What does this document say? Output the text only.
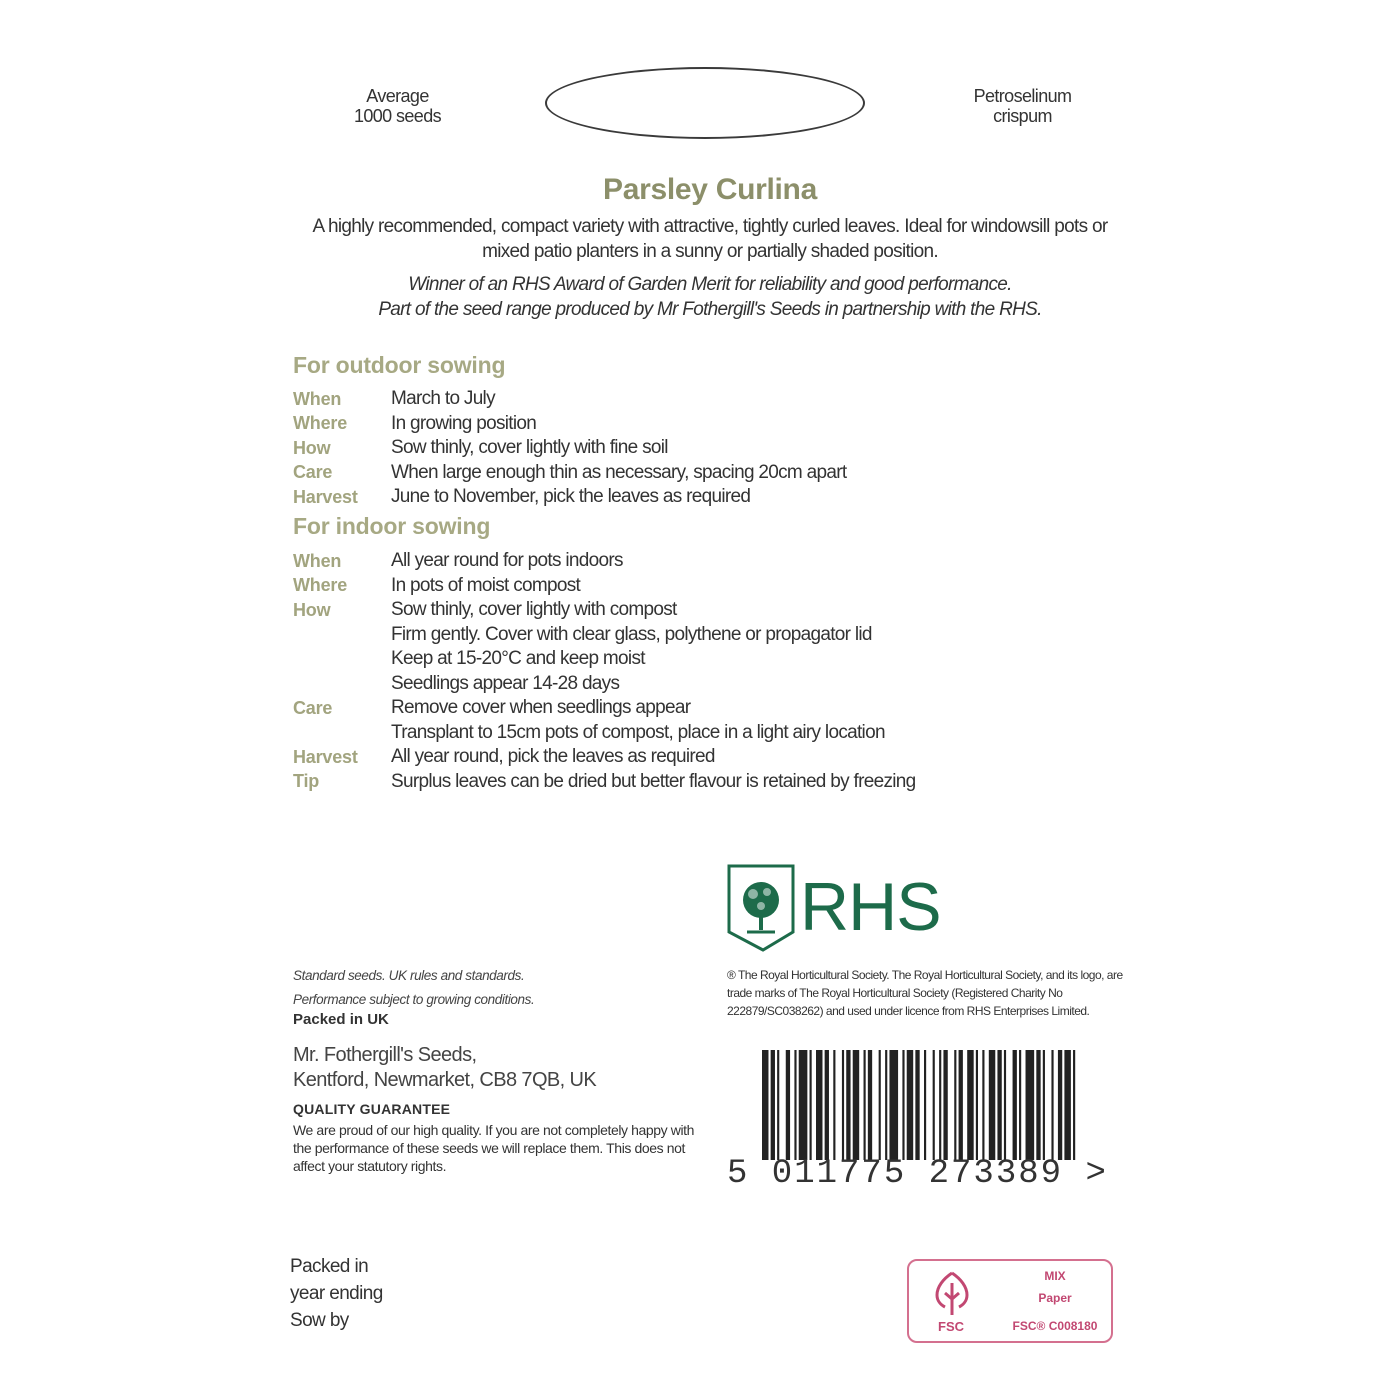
Average
1000 seeds
Petroselinum
crispum
Parsley Curlina
A highly recommended, compact variety with attractive, tightly curled leaves. Ideal for windowsill pots or mixed patio planters in a sunny or partially shaded position.
Winner of an RHS Award of Garden Merit for reliability and good performance.
Part of the seed range produced by Mr Fothergill's Seeds in partnership with the RHS.
For outdoor sowing
When	March to July
Where	In growing position
How	Sow thinly, cover lightly with fine soil
Care	When large enough thin as necessary, spacing 20cm apart
Harvest	June to November, pick the leaves as required
For indoor sowing
When	All year round for pots indoors
Where	In pots of moist compost
How	Sow thinly, cover lightly with compost
Firm gently. Cover with clear glass, polythene or propagator lid
Keep at 15-20°C and keep moist
Seedlings appear 14-28 days
Care	Remove cover when seedlings appear
Transplant to 15cm pots of compost, place in a light airy location
Harvest	All year round, pick the leaves as required
Tip	Surplus leaves can be dried but better flavour is retained by freezing
RHS
® The Royal Horticultural Society. The Royal Horticultural Society, and its logo, are trade marks of The Royal Horticultural Society (Registered Charity No 222879/SC038262) and used under licence from RHS Enterprises Limited.
Standard seeds. UK rules and standards.
Performance subject to growing conditions.
Packed in UK
Mr. Fothergill's Seeds,
Kentford, Newmarket, CB8 7QB, UK
QUALITY GUARANTEE
We are proud of our high quality. If you are not completely happy with the performance of these seeds we will replace them. This does not affect your statutory rights.	5 011775 273389 >
Packed in
year ending
Sow by	FSC
MIX
Paper
FSC® C008180
